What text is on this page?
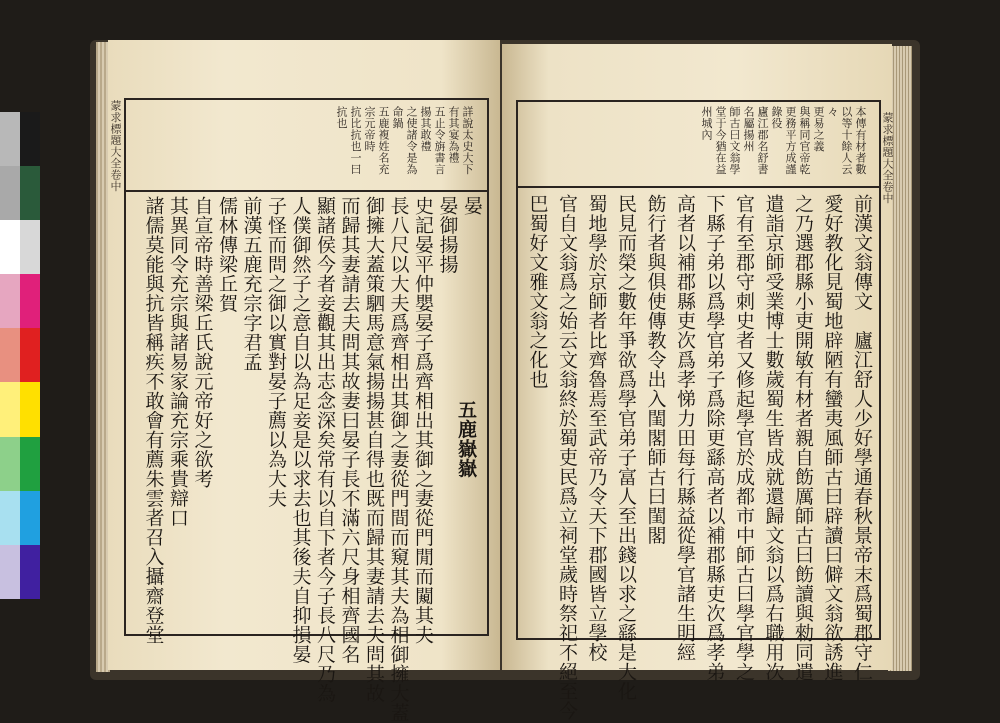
蒙求標題大全卷中	蒙求標題大全卷中
本傳有材者數
以等十餘人云
々
更易之義
與稱同官帝乾
更務平方成謹
錄役
廬江郡名舒書
名屬揚州
師古曰文翁學
堂于今猶在益
州城內
前漢文翁傳文　廬江舒人少好學通春秋景帝末爲蜀郡守仁
愛好教化見蜀地辟陋有蠻夷風師古曰辟讀曰僻文翁欲誘進
之乃選郡縣小吏開敏有材者親自飭厲師古曰飭讀與勑同遣
遣詣京師受業博士數歲蜀生皆成就還歸文翁以爲右職用次
官有至郡守刺史者又修起學官於成都市中師古曰學官學之
下縣子弟以爲學官弟子爲除更繇高者以補郡縣吏次爲孝弟
高者以補郡縣吏次爲孝悌力田每行縣益從學官諸生明經
飭行者與俱使傳教令出入閨閣師古曰閨閣
民見而榮之數年爭欲爲學官弟子富人至出錢以求之繇是大化
蜀地學於京師者比齊魯焉至武帝乃令天下郡國皆立學校
官自文翁爲之始云文翁終於蜀吏民爲立祠堂歲時祭祀不絕至今
巴蜀好文雅文翁之化也
詳說太史大下
有其宴為禮
五止令旃書言
揚其敢禮
之使諸令是為
命鍋
五鹿複姓名充
宗元帝時
抗比抗也一曰
抗也
晏
晏御揚揚
史記晏平仲嬰晏子爲齊相出其御之妻從門閒而闚其夫
長八尺以大夫爲齊相出其御之妻從門間而窺其夫為相御擁大蓋
御擁大蓋策駟馬意氣揚揚甚自得也既而歸其妻請去夫問其故
而歸其妻請去夫問其故妻曰晏子長不滿六尺身相齊國名
顯諸侯今者妾觀其出志念深矣常有以自下者今子長八尺乃為
人僕御然子之意自以為足妾是以求去也其後夫自抑損晏
子怪而問之御以實對晏子薦以為大夫
前漢五鹿充宗字君孟
儒林傳梁丘賀
自宣帝時善梁丘氏說元帝好之欲考
其異同令充宗與諸易家論充宗乘貴辯口
諸儒莫能與抗皆稱疾不敢會有薦朱雲者召入攝齋登堂	五鹿嶽嶽
